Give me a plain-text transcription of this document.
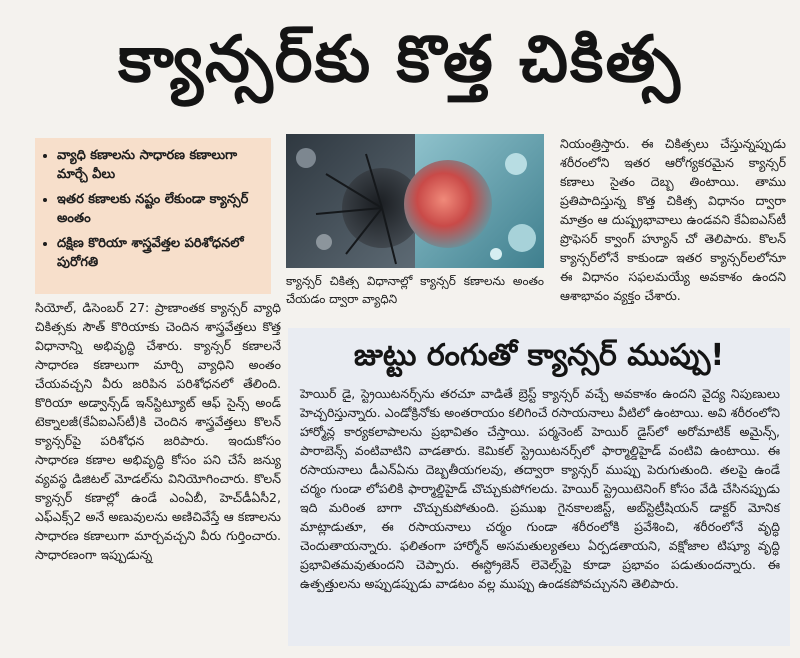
క్యాన్సర్‌కు కొత్త చికిత్స
• వ్యాధి కణాలను సాధారణ కణాలుగా మార్చే వీలు
• ఇతర కణాలకు నష్టం లేకుండా క్యాన్సర్ అంతం
• దక్షిణ కొరియా శాస్త్రవేత్తల పరిశోధనలో పురోగతి
క్యాన్సర్ చికిత్స విధానాల్లో క్యాన్సర్ కణాలను అంతం చేయడం ద్వారా వ్యాధిని

సియోల్, డిసెంబర్ 27: ప్రాణాంతక క్యాన్సర్ వ్యాధి చికిత్సకు సౌత్ కొరియాకు చెందిన శాస్త్రవేత్తలు కొత్త విధానాన్ని అభివృద్ధి చేశారు. క్యాన్సర్ కణాలనే సాధారణ కణాలుగా మార్చి వ్యాధిని అంతం చేయవచ్చని వీరు జరిపిన పరిశోధనలో తేలింది. కొరియా అడ్వాన్స్‌డ్ ఇన్‌స్టిట్యూట్ ఆఫ్ సైన్స్ అండ్ టెక్నాలజీ(కేఏఐఎస్‌టీ)కి చెందిన శాస్త్రవేత్తలు కొలన్ క్యాన్సర్‌పై పరిశోధన జరిపారు. ఇందుకోసం సాధారణ కణాల అభివృద్ధి కోసం పని చేసే జన్యు వ్యవస్థ డిజిటల్ మోడల్‌ను వినియోగించారు. కొలన్ క్యాన్సర్ కణాల్లో ఉండే ఎంఏబీ, హెచ్‌డీఏసీ2, ఎఫ్‌ఎక్స్2 అనే అణువులను అణిచివేస్తే ఆ కణాలను సాధారణ కణాలుగా మార్చవచ్చని వీరు గుర్తించారు. సాధారణంగా ఇప్పుడున్న

నియంత్రిస్తారు. ఈ చికిత్సలు చేస్తున్నప్పుడు శరీరంలోని ఇతర ఆరోగ్యకరమైన క్యాన్సర్ కణాలు సైతం దెబ్బ తింటాయి. తాము ప్రతిపాదిస్తున్న కొత్త చికిత్స విధానం ద్వారా మాత్రం ఆ దుష్ప్రభావాలు ఉండవని కేఏఐఎస్‌టీ ప్రొఫెసర్ క్వాంగ్ హ్యూన్ చో తెలిపారు. కొలన్ క్యాన్సర్‌లోనే కాకుండా ఇతర క్యాన్సర్‌లలోనూ ఈ విధానం సఫలమయ్యే అవకాశం ఉందని ఆశాభావం వ్యక్తం చేశారు.

జుట్టు రంగుతో క్యాన్సర్ ముప్పు!

హెయిర్ డై, స్ట్రెయిటనర్స్‌ను తరచూ వాడితే బ్రెస్ట్ క్యాన్సర్ వచ్చే అవకాశం ఉందని వైద్య నిపుణులు హెచ్చరిస్తున్నారు. ఎండోక్రినోకు అంతరాయం కలిగించే రసాయనాలు వీటిలో ఉంటాయి. అవి శరీరంలోని హార్మోన్ల కార్యకలాపాలను ప్రభావితం చేస్తాయి. పర్మనెంట్ హెయిర్ డైస్‌లో అరోమాటిక్ అమైన్స్, పారాబెన్స్ వంటివాటిని వాడతారు. కెమికల్ స్ట్రెయిటనర్స్‌లో ఫార్మాల్డిహైడ్ వంటివి ఉంటాయి. ఈ రసాయనాలు డీఎన్ఏను దెబ్బతీయగలవు, తద్వారా క్యాన్సర్ ముప్పు పెరుగుతుంది. తలపై ఉండే చర్మం గుండా లోపలికి ఫార్మాల్డిహైడ్ చొచ్చుకుపోగలదు. హెయిర్ స్ట్రెయిటెనింగ్ కోసం వేడి చేసినప్పుడు ఇది మరింత బాగా చొచ్చుకుపోతుంది. ప్రముఖ గైనకాలజిస్ట్, అబ్‌స్టెట్రీషియన్ డాక్టర్ మోనిక మాట్లాడుతూ, ఈ రసాయనాలు చర్మం గుండా శరీరంలోకి ప్రవేశించి, శరీరంలోనే వృద్ధి చెందుతాయన్నారు. ఫలితంగా హార్మోన్ అసమతుల్యతలు ఏర్పడతాయని, వక్షోజాల టిష్యూ వృద్ధి ప్రభావితమవుతుందని చెప్పారు. ఈస్ట్రోజెన్ లెవెల్స్‌పై కూడా ప్రభావం పడుతుందన్నారు. ఈ ఉత్పత్తులను అప్పుడప్పుడు వాడటం వల్ల ముప్పు ఉండకపోవచ్చునని తెలిపారు.
